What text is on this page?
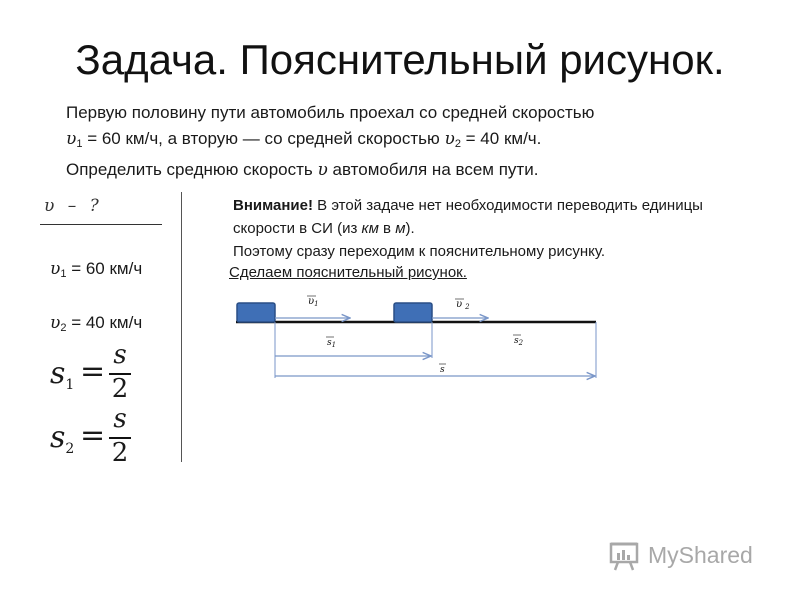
Задача. Пояснительный рисунок.
Первую половину пути автомобиль проехал со средней скоростью
$\upsilon_1 = 60$ км/ч, а вторую — со средней скоростью $\upsilon_2 = 40$ км/ч.
Определить среднюю скорость υ автомобиля на всем пути.
υ – ?
$\upsilon_1 = 60$ км/ч
$\upsilon_2 = 40$ км/ч
$s_1 = s$
2
$s_2 = s$
2
Внимание! В этой задаче нет необходимости переводить единицы скорости в СИ (из км в м).
Поэтому сразу переходим к пояснительному рисунку.
Сделаем пояснительный рисунок.
$\upsilon_1$	υ $_2$
$s_1$	$s_2$
s
MyShared
